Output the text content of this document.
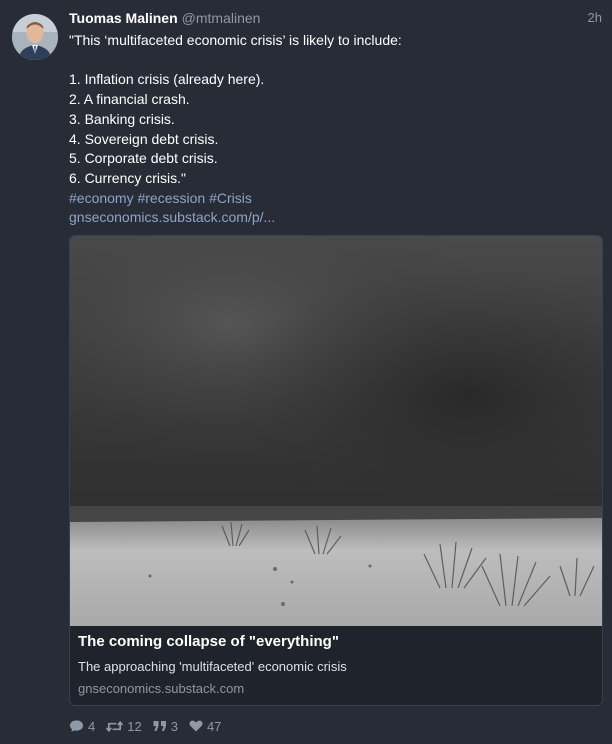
Tuomas Malinen @mtmalinen	2h

"This ‘multifaceted economic crisis’ is likely to include:

1. Inflation crisis (already here).

2. A financial crash.

3. Banking crisis.

4. Sovereign debt crisis.

5. Corporate debt crisis.

6. Currency crisis."

#economy #recession #Crisis

gnseconomics.substack.com/p/...

The coming collapse of "everything"
The approaching 'multifaceted' economic crisis
gnseconomics.substack.com
4 12 3 47
